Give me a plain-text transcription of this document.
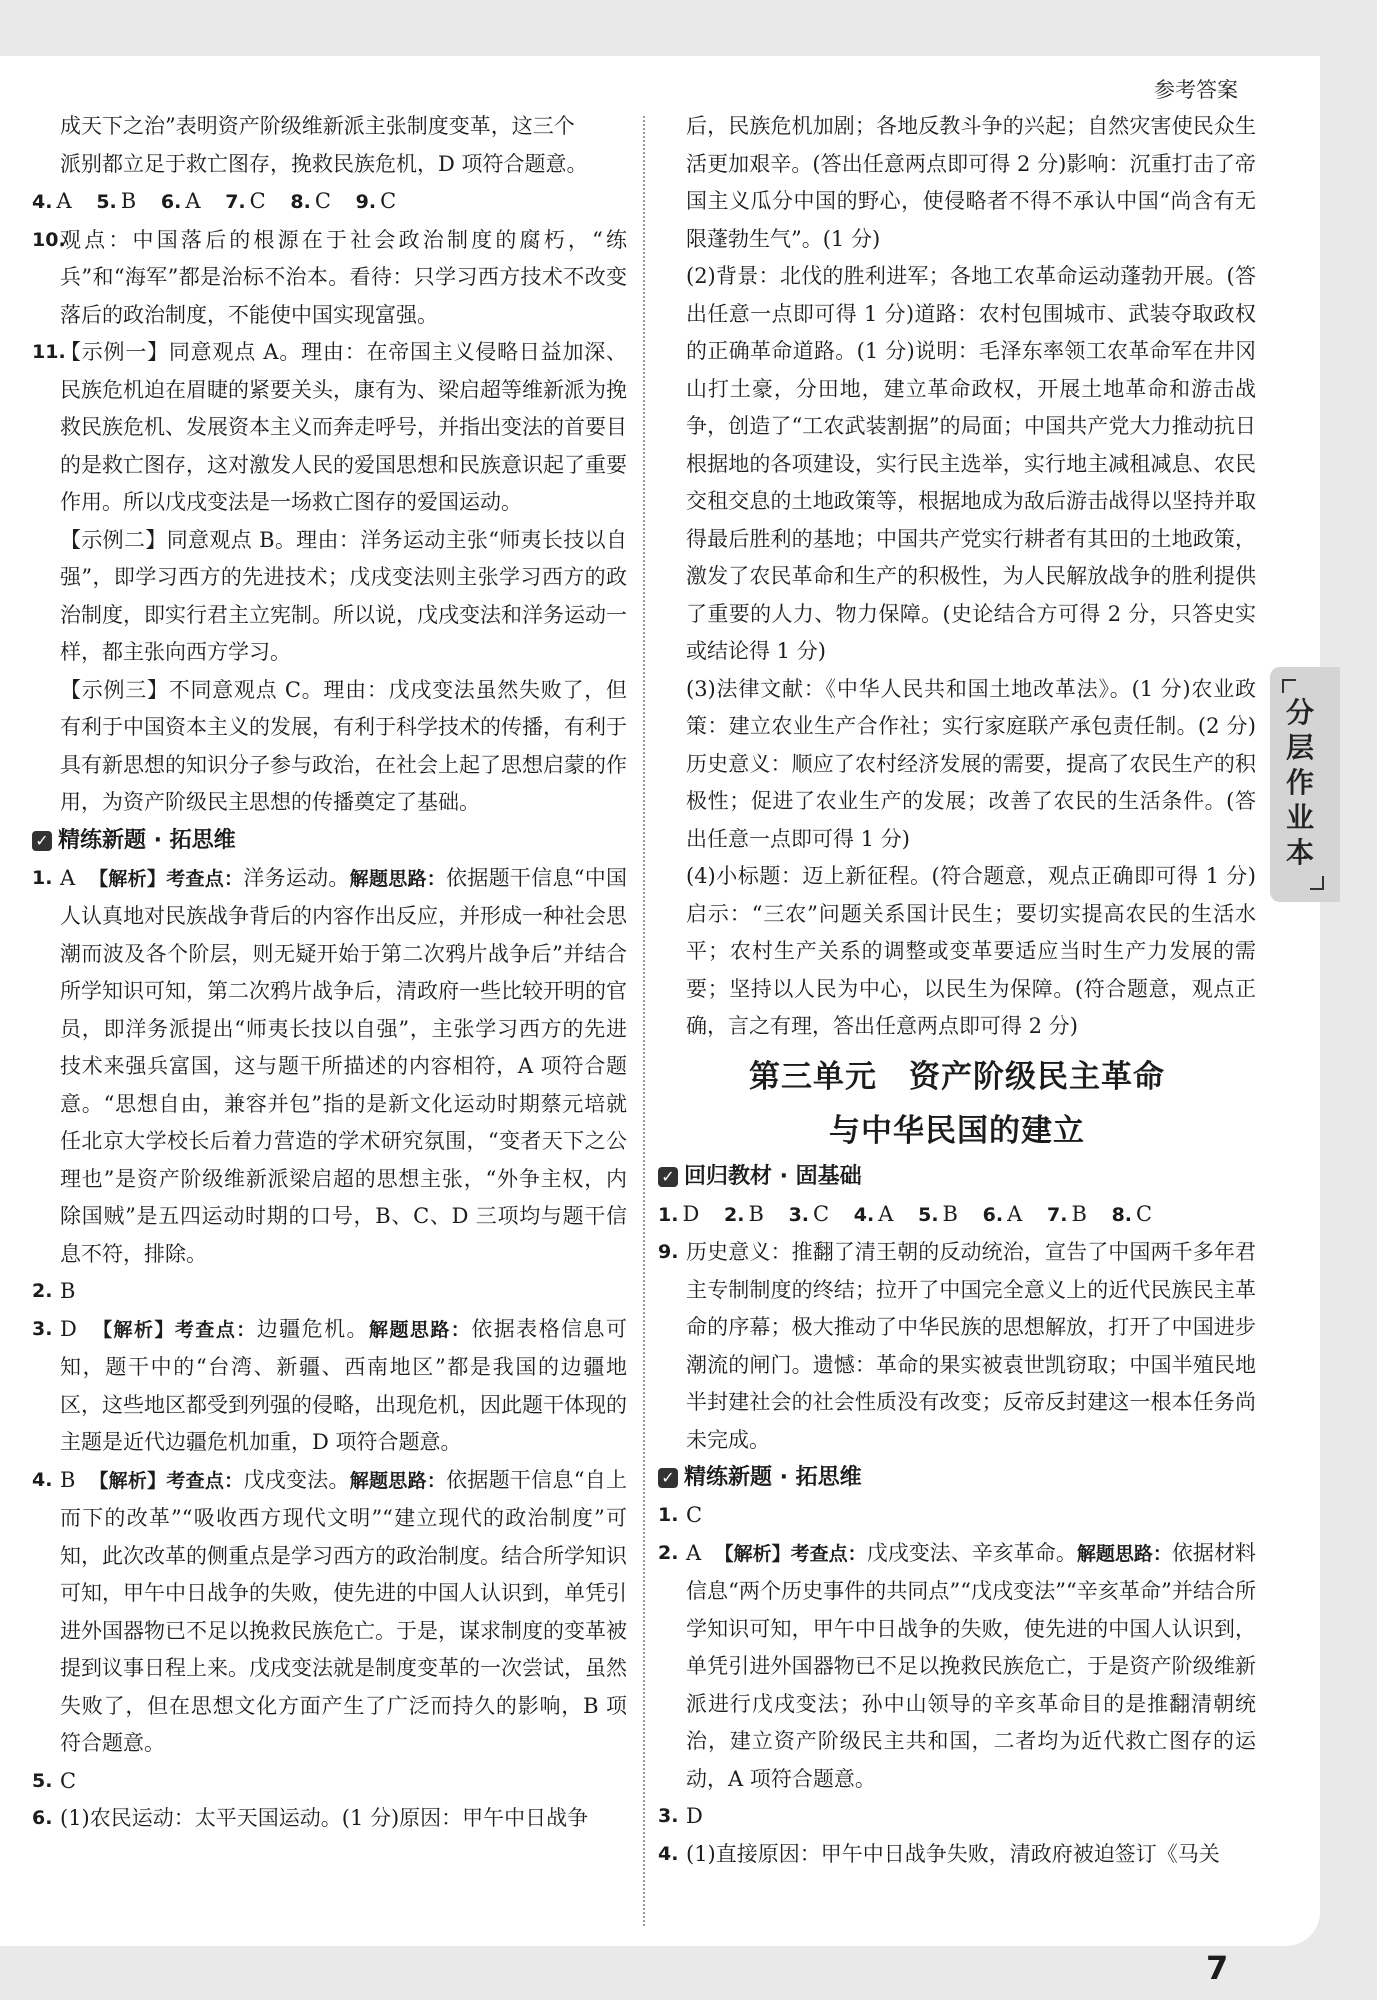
参考答案
成天下之治”表明资产阶级维新派主张制度变革，这三个
派别都立足于救亡图存，挽救民族危机，D 项符合题意。
4. A 5. B 6. A 7. C 8. C 9. C
10.
观点：中国落后的根源在于社会政治制度的腐朽，“练兵”和“海军”都是治标不治本。看待：只学习西方技术不改变落后的政治制度，不能使中国实现富强。
11.
【示例一】同意观点 A。理由：在帝国主义侵略日益加深、民族危机迫在眉睫的紧要关头，康有为、梁启超等维新派为挽救民族危机、发展资本主义而奔走呼号，并指出变法的首要目的是救亡图存，这对激发人民的爱国思想和民族意识起了重要作用。所以戊戌变法是一场救亡图存的爱国运动。
【示例二】同意观点 B。理由：洋务运动主张“师夷长技以自强”，即学习西方的先进技术；戊戌变法则主张学习西方的政治制度，即实行君主立宪制。所以说，戊戌变法和洋务运动一样，都主张向西方学习。
【示例三】不同意观点 C。理由：戊戌变法虽然失败了，但有利于中国资本主义的发展，有利于科学技术的传播，有利于具有新思想的知识分子参与政治，在社会上起了思想启蒙的作用，为资产阶级民主思想的传播奠定了基础。
✓ 精练新题 · 拓思维
1. A 【解析】考查点：洋务运动。解题思路：依据题干信息“中国人认真地对民族战争背后的内容作出反应，并形成一种社会思潮而波及各个阶层，则无疑开始于第二次鸦片战争后”并结合所学知识可知，第二次鸦片战争后，清政府一些比较开明的官员，即洋务派提出“师夷长技以自强”，主张学习西方的先进技术来强兵富国，这与题干所描述的内容相符，A 项符合题意。“思想自由，兼容并包”指的是新文化运动时期蔡元培就任北京大学校长后着力营造的学术研究氛围，“变者天下之公理也”是资产阶级维新派梁启超的思想主张，“外争主权，内除国贼”是五四运动时期的口号，B、C、D 三项均与题干信息不符，排除。
2. B
3. D 【解析】考查点：边疆危机。解题思路：依据表格信息可知，题干中的“台湾、新疆、西南地区”都是我国的边疆地区，这些地区都受到列强的侵略，出现危机，因此题干体现的主题是近代边疆危机加重，D 项符合题意。
4. B 【解析】考查点：戊戌变法。解题思路：依据题干信息“自上而下的改革”“吸收西方现代文明”“建立现代的政治制度”可知，此次改革的侧重点是学习西方的政治制度。结合所学知识可知，甲午中日战争的失败，使先进的中国人认识到，单凭引进外国器物已不足以挽救民族危亡。于是，谋求制度的变革被提到议事日程上来。戊戌变法就是制度变革的一次尝试，虽然失败了，但在思想文化方面产生了广泛而持久的影响，B 项符合题意。
5. C
6. (1)农民运动：太平天国运动。(1 分)原因：甲午中日战争
后，民族危机加剧；各地反教斗争的兴起；自然灾害使民众生活更加艰辛。(答出任意两点即可得 2 分)影响：沉重打击了帝国主义瓜分中国的野心，使侵略者不得不承认中国“尚含有无限蓬勃生气”。(1 分)
(2)背景：北伐的胜利进军；各地工农革命运动蓬勃开展。(答出任意一点即可得 1 分)道路：农村包围城市、武装夺取政权的正确革命道路。(1 分)说明：毛泽东率领工农革命军在井冈山打土豪，分田地，建立革命政权，开展土地革命和游击战争，创造了“工农武装割据”的局面；中国共产党大力推动抗日根据地的各项建设，实行民主选举，实行地主减租减息、农民交租交息的土地政策等，根据地成为敌后游击战得以坚持并取得最后胜利的基地；中国共产党实行耕者有其田的土地政策，激发了农民革命和生产的积极性，为人民解放战争的胜利提供了重要的人力、物力保障。(史论结合方可得 2 分，只答史实或结论得 1 分)
(3)法律文献：《中华人民共和国土地改革法》。(1 分)农业政策：建立农业生产合作社；实行家庭联产承包责任制。(2 分)历史意义：顺应了农村经济发展的需要，提高了农民生产的积极性；促进了农业生产的发展；改善了农民的生活条件。(答出任意一点即可得 1 分)
(4)小标题：迈上新征程。(符合题意，观点正确即可得 1 分)启示：“三农”问题关系国计民生；要切实提高农民的生活水平；农村生产关系的调整或变革要适应当时生产力发展的需要；坚持以人民为中心，以民生为保障。(符合题意，观点正确，言之有理，答出任意两点即可得 2 分)
第三单元　资产阶级民主革命
与中华民国的建立
✓ 回归教材 · 固基础
1. D 2. B 3. C 4. A 5. B 6. A 7. B 8. C
9. 历史意义：推翻了清王朝的反动统治，宣告了中国两千多年君主专制制度的终结；拉开了中国完全意义上的近代民族民主革命的序幕；极大推动了中华民族的思想解放，打开了中国进步潮流的闸门。遗憾：革命的果实被袁世凯窃取；中国半殖民地半封建社会的社会性质没有改变；反帝反封建这一根本任务尚未完成。
✓ 精练新题 · 拓思维
1. C
2. A 【解析】考查点：戊戌变法、辛亥革命。解题思路：依据材料信息“两个历史事件的共同点”“戊戌变法”“辛亥革命”并结合所学知识可知，甲午中日战争的失败，使先进的中国人认识到，单凭引进外国器物已不足以挽救民族危亡，于是资产阶级维新派进行戊戌变法；孙中山领导的辛亥革命目的是推翻清朝统治，建立资产阶级民主共和国，二者均为近代救亡图存的运动，A 项符合题意。
3. D
4. (1)直接原因：甲午中日战争失败，清政府被迫签订《马关
7
分层作业本
